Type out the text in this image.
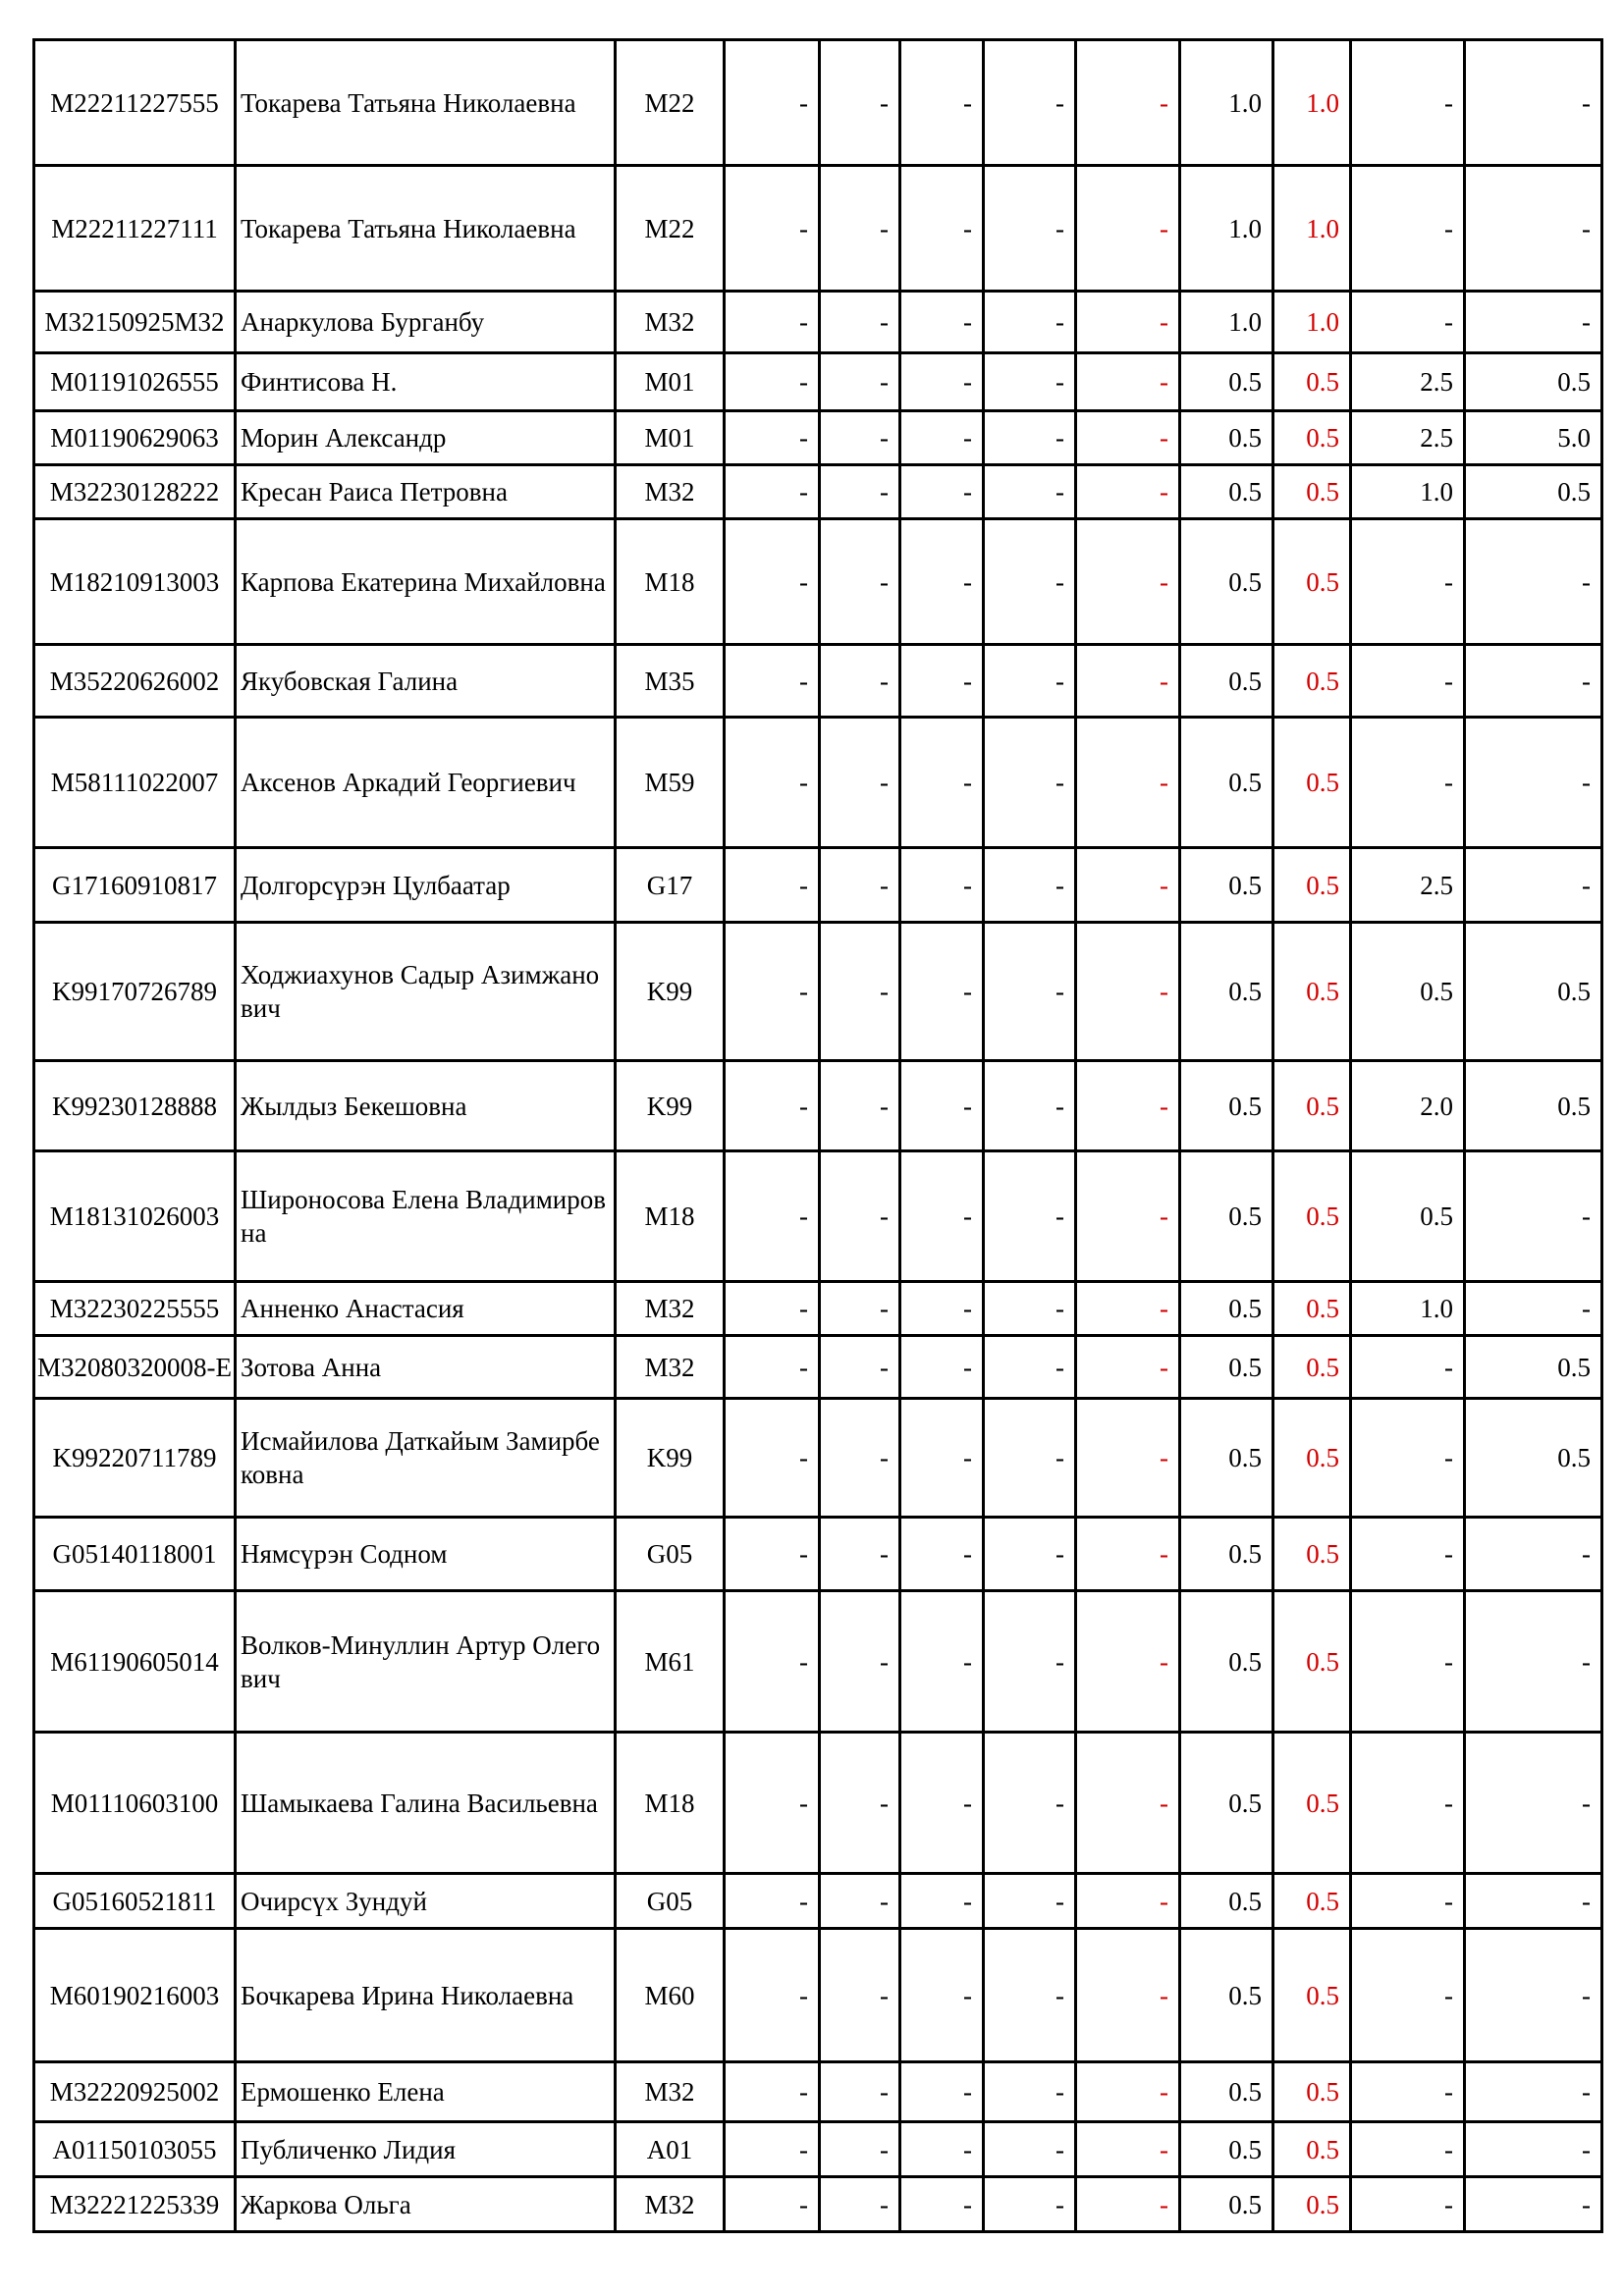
M22211227555	Токарева Татьяна Николаевна	M22	-	-	-	-	-	1.0	1.0	-	-
M22211227111	Токарева Татьяна Николаевна	M22	-	-	-	-	-	1.0	1.0	-	-
M32150925M32	Анаркулова Бурганбу	M32	-	-	-	-	-	1.0	1.0	-	-
M01191026555	Финтисова Н.	M01	-	-	-	-	-	0.5	0.5	2.5	0.5
M01190629063	Морин Александр	M01	-	-	-	-	-	0.5	0.5	2.5	5.0
M32230128222	Кресан Раиса Петровна	M32	-	-	-	-	-	0.5	0.5	1.0	0.5
M18210913003	Карпова Екатерина Михайловна	M18	-	-	-	-	-	0.5	0.5	-	-
M35220626002	Якубовская Галина	M35	-	-	-	-	-	0.5	0.5	-	-
M58111022007	Аксенов Аркадий Георгиевич	M59	-	-	-	-	-	0.5	0.5	-	-
G17160910817	Долгорсүрэн Цулбаатар	G17	-	-	-	-	-	0.5	0.5	2.5	-
K99170726789	Ходжиахунов Садыр Азимжанович	K99	-	-	-	-	-	0.5	0.5	0.5	0.5
K99230128888	Жылдыз Бекешовна	K99	-	-	-	-	-	0.5	0.5	2.0	0.5
M18131026003	Широносова Елена Владимировна	M18	-	-	-	-	-	0.5	0.5	0.5	-
M32230225555	Анненко Анастасия	M32	-	-	-	-	-	0.5	0.5	1.0	-
M32080320008-E	Зотова Анна	M32	-	-	-	-	-	0.5	0.5	-	0.5
K99220711789	Исмайилова Даткайым Замирбековна	K99	-	-	-	-	-	0.5	0.5	-	0.5
G05140118001	Нямсүрэн Содном	G05	-	-	-	-	-	0.5	0.5	-	-
M61190605014	Волков-Минуллин Артур Олегович	M61	-	-	-	-	-	0.5	0.5	-	-
M01110603100	Шамыкаева Галина Васильевна	M18	-	-	-	-	-	0.5	0.5	-	-
G05160521811	Очирсүх Зундуй	G05	-	-	-	-	-	0.5	0.5	-	-
M60190216003	Бочкарева Ирина Николаевна	M60	-	-	-	-	-	0.5	0.5	-	-
M32220925002	Ермошенко Елена	M32	-	-	-	-	-	0.5	0.5	-	-
A01150103055	Публиченко Лидия	A01	-	-	-	-	-	0.5	0.5	-	-
M32221225339	Жаркова Ольга	M32	-	-	-	-	-	0.5	0.5	-	-
